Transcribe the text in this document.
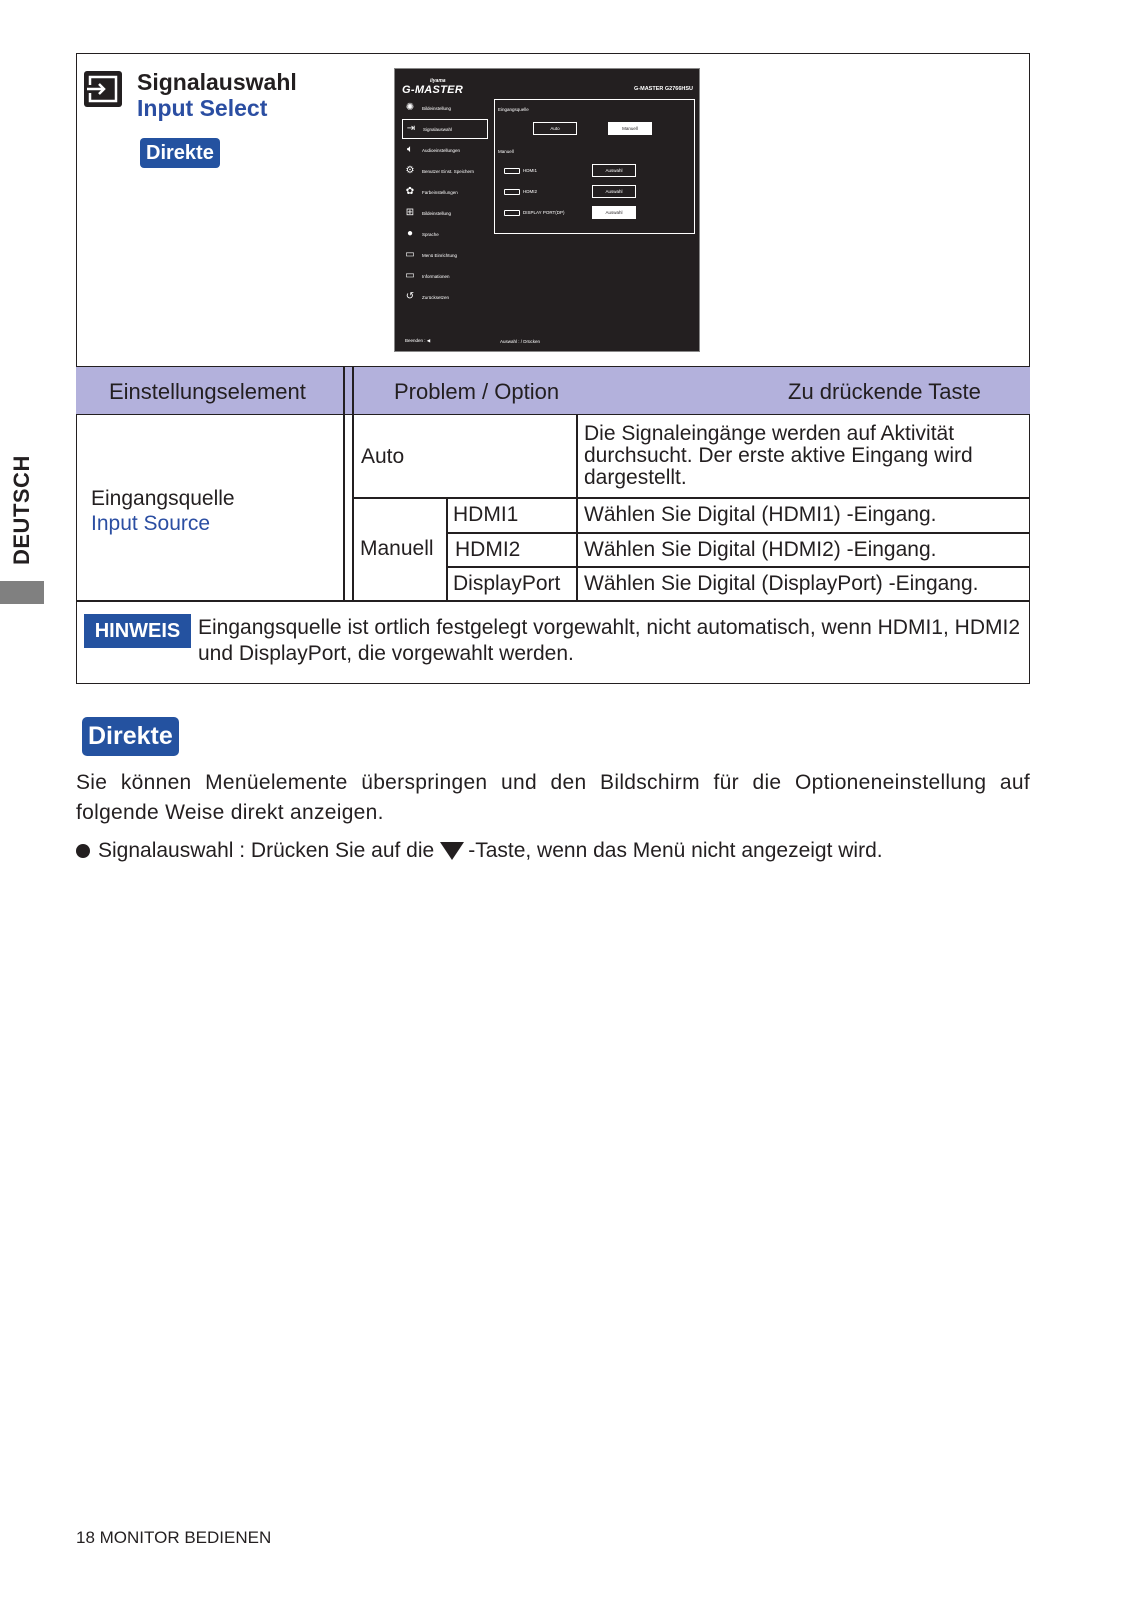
DEUTSCH
Signalauswahl
Input Select
Direkte
iiyama
G-MASTER	G-MASTER G2766HSU
✺	Bildeinstellung
⇥	Signalauswahl
🔈︎	Audioeinstellungen
⚙	Benutzer Einst. Speichern
✿	Farbeinstellungen
⊞	Bildeinstellung
●	Sprache
▭	Menü Einrichtung
▭	Informationen
↺	Zurücksetzen
Eingangsquelle
Auto	Manuell
Manuell
HDMI1	Auswahl
HDMI2	Auswahl
DISPLAY PORT(DP)	Auswahl
Beenden : ◀	Auswahl : / Drücken
Einstellungselement	Problem / Option	Zu drückende Taste
Eingangsquelle
Input Source
Auto
Die Signaleingänge werden auf Aktivität
durchsucht. Der erste aktive Eingang wird
dargestellt.
Manuell
HDMI1	Wählen Sie Digital (HDMI1) -Eingang.
HDMI2	Wählen Sie Digital (HDMI2) -Eingang.
DisplayPort Wählen Sie Digital (DisplayPort) -Eingang.
HINWEIS Eingangsquelle ist ortlich festgelegt vorgewahlt, nicht automatisch, wenn HDMI1, HDMI2 und DisplayPort, die vorgewahlt werden.
Direkte
Sie können Menüelemente überspringen und den Bildschirm für die Optioneneinstellung auf folgende Weise direkt anzeigen.
Signalauswahl : Drücken Sie auf die -Taste, wenn das Menü nicht angezeigt wird.
18 MONITOR BEDIENEN
